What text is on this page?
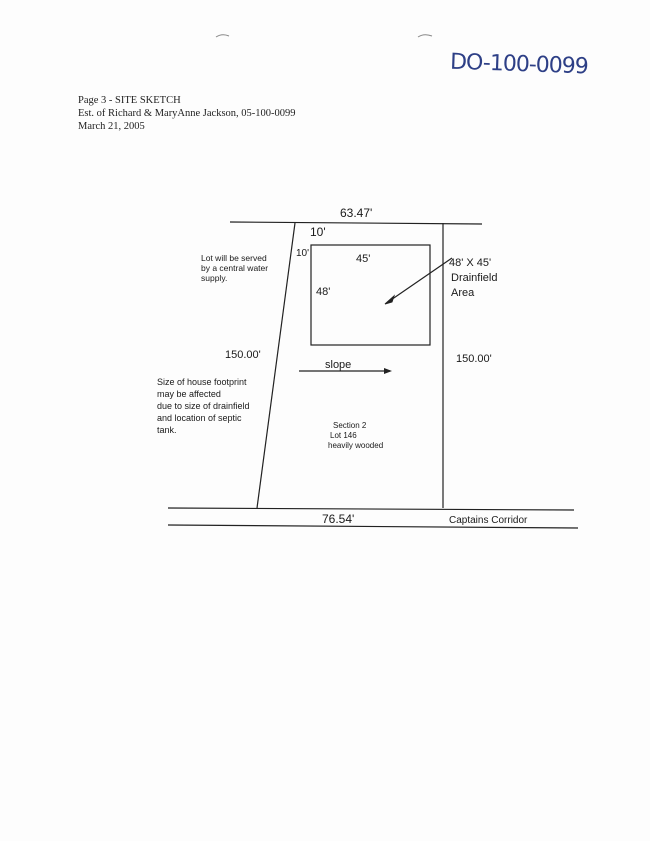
DO-100-0099
Page 3 - SITE SKETCH
Est. of Richard & MaryAnne Jackson, 05-100-0099
March 21, 2005
63.47'
10'
10'	45'
48'
48' X 45'
Drainfield
Area
Lot will be served
by a central water
supply.
150.00'	150.00'
slope
Size of house footprint
may be affected
due to size of drainfield
and location of septic
tank.	Section 2
Lot 146
heavily wooded
76.54'	Captains Corridor
